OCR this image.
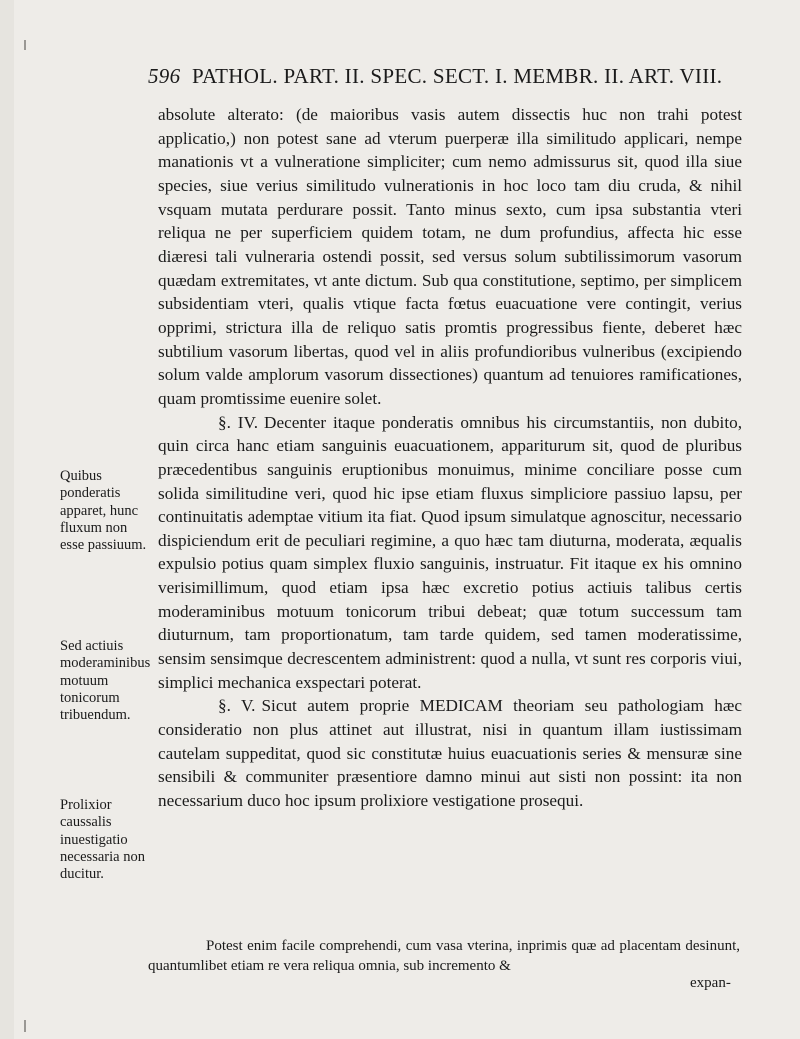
596 PATHOL. PART. II. SPEC. SECT. I. MEMBR. II. ART. VIII.

absolute alterato: (de maioribus vasis autem dissectis huc non trahi potest applicatio,) non potest sane ad vterum puerperæ illa similitudo applicari, nempe manationis vt a vulneratione simpliciter; cum nemo admissurus sit, quod illa siue species, siue verius similitudo vulnerationis in hoc loco tam diu cruda, & nihil vsquam mutata perdurare possit. Tanto minus sexto, cum ipsa substantia vteri reliqua ne per superficiem quidem totam, ne dum profundius, affecta hic esse diæresi tali vulneraria ostendi possit, sed versus solum subtilissimorum vasorum quædam extremitates, vt ante dictum. Sub qua constitutione, septimo, per simplicem subsidentiam vteri, qualis vtique facta fœtus euacuatione vere contingit, verius opprimi, strictura illa de reliquo satis promtis progressibus fiente, deberet hæc subtilium vasorum libertas, quod vel in aliis profundioribus vulneribus (excipiendo solum valde amplorum vasorum dissectiones) quantum ad tenuiores ramificationes, quam promtissime euenire solet.

§. IV. Decenter itaque ponderatis omnibus his circumstantiis, non dubito, quin circa hanc etiam sanguinis euacuationem, appariturum sit, quod de pluribus præcedentibus sanguinis eruptionibus monuimus, minime conciliare posse cum solida similitudine veri, quod hic ipse etiam fluxus simpliciore passiuo lapsu, per continuitatis ademptae vitium ita fiat. Quod ipsum simulatque agnoscitur, necessario dispiciendum erit de peculiari regimine, a quo hæc tam diuturna, moderata, æqualis expulsio potius quam simplex fluxio sanguinis, instruatur. Fit itaque ex his omnino verisimillimum, quod etiam ipsa hæc excretio potius actiuis talibus certis moderaminibus motuum tonicorum tribui debeat; quæ totum successum tam diuturnum, tam proportionatum, tam tarde quidem, sed tamen moderatissime, sensim sensimque decrescentem administrent: quod a nulla, vt sunt res corporis viui, simplici mechanica exspectari poterat.

§. V. Sicut autem proprie MEDICAM theoriam seu pathologiam hæc consideratio non plus attinet aut illustrat, nisi in quantum illam iustissimam cautelam suppeditat, quod sic constitutæ huius euacuationis series & mensuræ sine sensibili & communiter præsentiore damno minui aut sisti non possint: ita non necessarium duco hoc ipsum prolixiore vestigatione prosequi.

Potest enim facile comprehendi, cum vasa vterina, inprimis quæ ad placentam desinunt, quantumlibet etiam re vera reliqua omnia, sub incremento &
expan-
Quibus ponderatis apparet, hunc fluxum non esse passiuum.
Sed actiuis moderaminibus motuum tonicorum tribuendum.
Prolixior caussalis inuestigatio necessaria non ducitur.
